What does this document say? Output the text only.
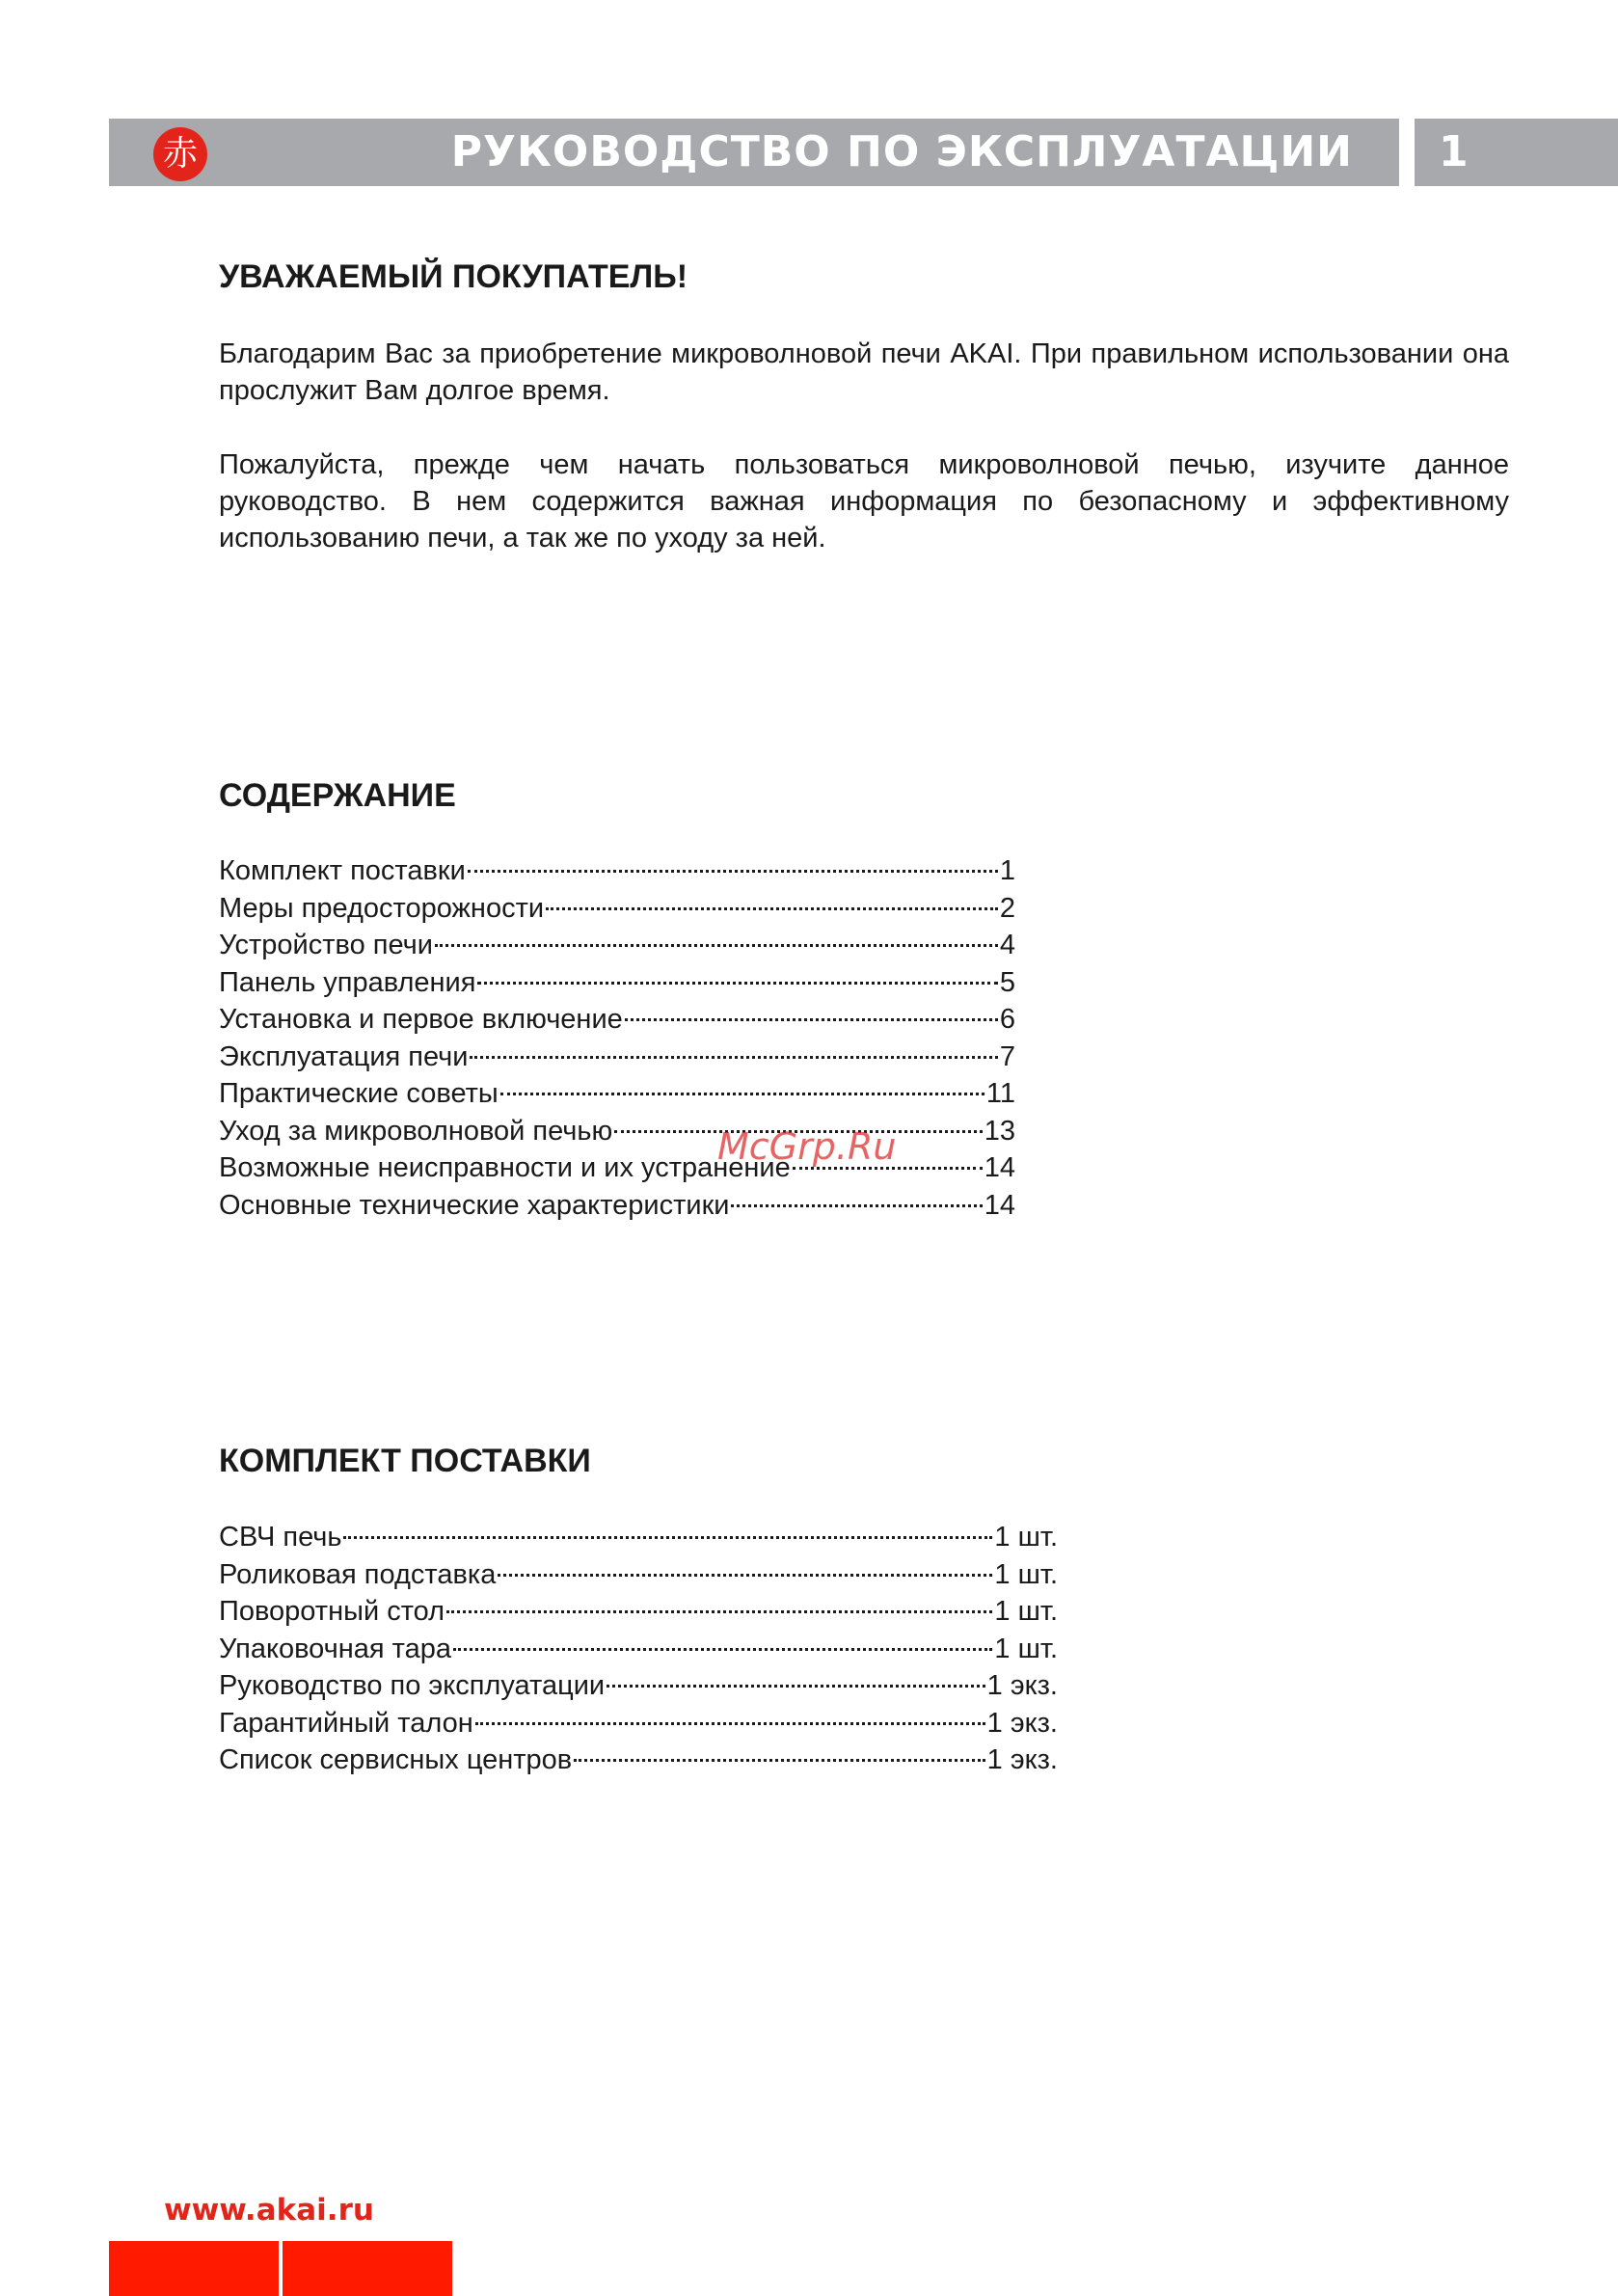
РУКОВОДСТВО ПО ЭКСПЛУАТАЦИИ
赤	1
УВАЖАЕМЫЙ ПОКУПАТЕЛЬ!

Благодарим Вас за приобретение микроволновой печи AKAI. При правильном использовании она прослужит Вам долгое время.

Пожалуйста, прежде чем начать пользоваться микроволновой печью, изучите данное руководство. В нем содержится важная информация по безопасному и эффективному использованию печи, а так же по уходу за ней.

СОДЕРЖАНИЕ
Комплект поставки	1
Меры предосторожности	2
Устройство печи	4
Панель управления	5
Установка и первое включение	6
Эксплуатация печи	7
Практические советы	11
Уход за микроволновой печью	13
Возможные неисправности и их устранение	14
Основные технические характеристики	14
McGrp.Ru
КОМПЛЕКТ ПОСТАВКИ
СВЧ печь	1 шт.
Роликовая подставка	1 шт.
Поворотный стол	1 шт.
Упаковочная тара	1 шт.
Руководство по эксплуатации	1 экз.
Гарантийный талон	1 экз.
Список сервисных центров	1 экз.
www.akai.ru
